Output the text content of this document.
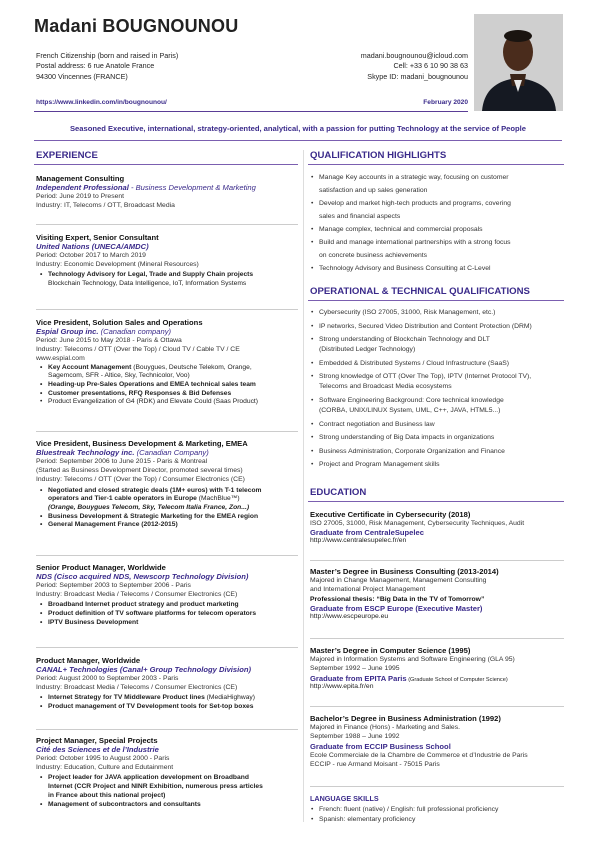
Madani BOUGNOUNOU
French Citizenship (born and raised in Paris)
Postal address: 6 rue Anatole France
94300 Vincennes (FRANCE)
madani.bougnounou@icloud.com
Cell: +33 6 10 90 38 63
Skype ID: madani_bougnounou
https://www.linkedin.com/in/bougnounou/	February 2020
Seasoned Executive, international, strategy-oriented, analytical, with a passion for putting Technology at the service of People
EXPERIENCE
Management Consulting
Independent Professional - Business Development & Marketing
Period: June 2019 to Present
Industry: IT, Telecoms / OTT, Broadcast Media
Visiting Expert, Senior Consultant
United Nations (UNECA/AMDC)
Period: October 2017 to March 2019
Industry: Economic Development (Mineral Resources)
• Technology Advisory for Legal, Trade and Supply Chain projects
Blockchain Technology, Data Intelligence, IoT, Information Systems
Vice President, Solution Sales and Operations
Espial Group inc. (Canadian company)
Period: June 2015 to May 2018 - Paris & Ottawa
Industry: Telecoms / OTT (Over the Top) / Cloud TV / Cable TV / CE
www.espial.com
• Key Account Management (Bouygues, Deutsche Telekom, Orange,
Sagemcom, SFR - Altice, Sky, Technicolor, Voo)
• Heading-up Pre-Sales Operations and EMEA technical sales team
• Customer presentations, RFQ Responses & Bid Defenses
• Product Evangelization of G4 (RDK) and Elevate Could (Saas Product)
Vice President, Business Development & Marketing, EMEA
Bluestreak Technology inc. (Canadian Company)
Period: September 2006 to June 2015 - Paris & Montreal
(Started as Business Development Director, promoted several times)
Industry: Telecoms / OTT (Over the Top) / Consumer Electronics (CE)
• Negotiated and closed strategic deals (1M+ euros) with T-1 telecom
operators and Tier-1 cable operators in Europe (MachBlue™)
(Orange, Bouygues Telecom, Sky, Telecom Italia France, Zon...)
• Business Development & Strategic Marketing for the EMEA region
• General Management France (2012-2015)
Senior Product Manager, Worldwide
NDS (Cisco acquired NDS, Newscorp Technology Division)
Period: September 2003 to September 2006 - Paris
Industry: Broadcast Media / Telecoms / Consumer Electronics (CE)
• Broadband Internet product strategy and product marketing
• Product definition of TV software platforms for telecom operators
• IPTV Business Development
Product Manager, Worldwide
CANAL+ Technologies (Canal+ Group Technology Division)
Period: August 2000 to September 2003 - Paris
Industry: Broadcast Media / Telecoms / Consumer Electronics (CE)
• Internet Strategy for TV Middleware Product lines (MediaHighway)
• Product management of TV Development tools for Set-top boxes
Project Manager, Special Projects
Cité des Sciences et de l’Industrie
Period: October 1995 to August 2000 - Paris
Industry: Education, Culture and Edutainment
• Project leader for JAVA application development on Broadband
Internet (CCR Project and NINR Exhibition, numerous press articles
in France about this national project)
• Management of subcontractors and consultants
QUALIFICATION HIGHLIGHTS
• Manage Key accounts in a strategic way, focusing on customer
satisfaction and up sales generation
• Develop and market high-tech products and programs, covering
sales and financial aspects
• Manage complex, technical and commercial proposals
• Build and manage international partnerships with a strong focus
on concrete business achievements
• Technology Advisory and Business Consulting at C-Level
OPERATIONAL & TECHNICAL QUALIFICATIONS
• Cybersecurity (ISO 27005, 31000, Risk Management, etc.)
• IP networks, Secured Video Distribution and Content Protection (DRM)
• Strong understanding of Blockchain Technology and DLT
(Distributed Ledger Technology)
• Embedded & Distributed Systems / Cloud Infrastructure (SaaS)
• Strong knowledge of OTT (Over The Top), IPTV (Internet Protocol TV),
Telecoms and Broadcast Media ecosystems
• Software Engineering Background: Core technical knowledge
(CORBA, UNIX/LINUX System, UML, C++, JAVA, HTML5...)
• Contract negotiation and Business law
• Strong understanding of Big Data impacts in organizations
• Business Administration, Corporate Organization and Finance
• Project and Program Management skills
EDUCATION
Executive Certificate in Cybersecurity (2018)
ISO 27005, 31000, Risk Management, Cybersecurity Techniques, Audit
Graduate from CentraleSupelec
http://www.centralesupelec.fr/en
Master’s Degree in Business Consulting (2013-2014)
Majored in Change Management, Management Consulting
and International Project Management
Professional thesis: “Big Data in the TV of Tomorrow”
Graduate from ESCP Europe (Executive Master)
http://www.escpeurope.eu
Master’s Degree in Computer Science (1995)
Majored in Information Systems and Software Engineering (GLA 95)
September 1992 – June 1995
Graduate from EPITA Paris (Graduate School of Computer Science)
http://www.epita.fr/en
Bachelor’s Degree in Business Administration (1992)
Majored in Finance (Hons) - Marketing and Sales.
September 1988 – June 1992
Graduate from ECCIP Business School
Ecole Commerciale de la Chambre de Commerce et d’Industrie de Paris
ECCIP - rue Armand Moisant - 75015 Paris
LANGUAGE SKILLS
• French: fluent (native) / English: full professional proficiency
• Spanish: elementary proficiency
